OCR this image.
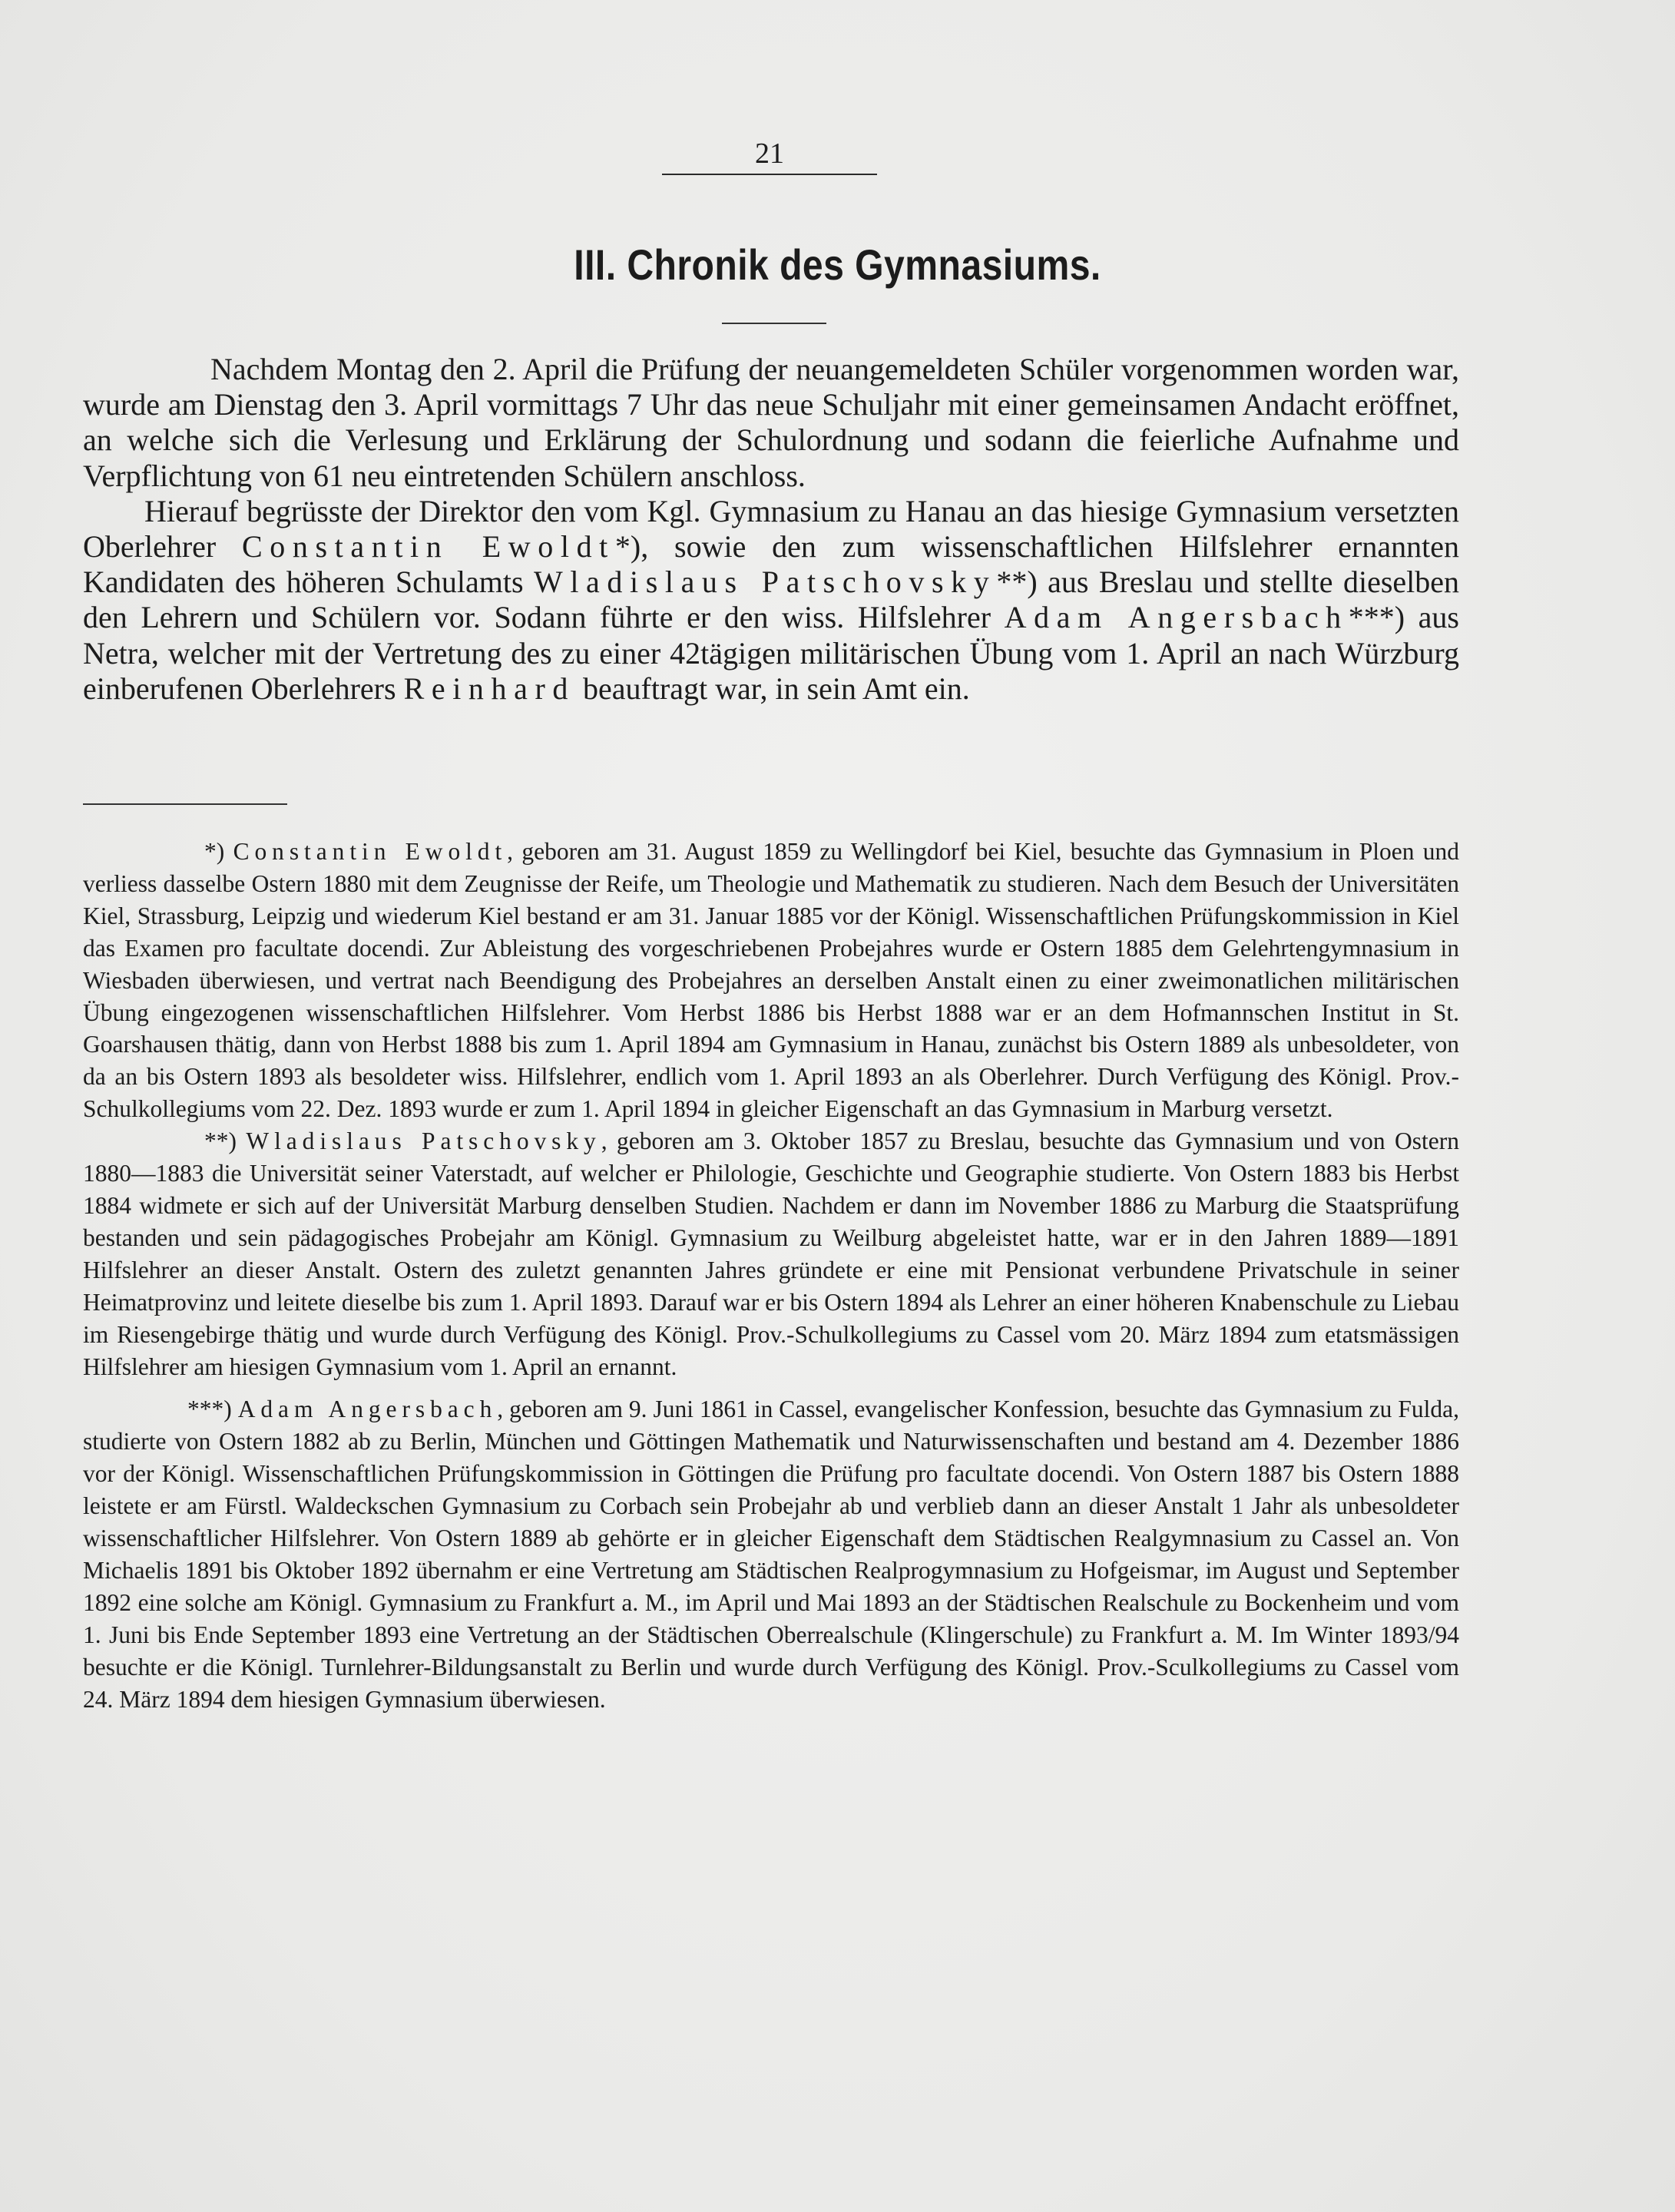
21
III. Chronik des Gymnasiums.

Nachdem Montag den 2. April die Prüfung der neuangemeldeten Schüler vorgenommen worden war, wurde am Dienstag den 3. April vormittags 7 Uhr das neue Schuljahr mit einer gemeinsamen Andacht eröffnet, an welche sich die Verlesung und Erklärung der Schulordnung und sodann die feierliche Aufnahme und Verpflichtung von 61 neu eintretenden Schülern anschloss.

Hierauf begrüsste der Direktor den vom Kgl. Gymnasium zu Hanau an das hiesige Gymnasium versetzten Oberlehrer Constantin Ewoldt*), sowie den zum wissenschaftlichen Hilfslehrer ernannten Kandidaten des höheren Schulamts Wladislaus Patschovsky**) aus Breslau und stellte dieselben den Lehrern und Schülern vor. Sodann führte er den wiss. Hilfslehrer Adam Angersbach***) aus Netra, welcher mit der Vertretung des zu einer 42tägigen militärischen Übung vom 1. April an nach Würzburg einberufenen Oberlehrers Reinhard beauftragt war, in sein Amt ein.

*) Constantin Ewoldt, geboren am 31. August 1859 zu Wellingdorf bei Kiel, besuchte das Gymnasium in Ploen und verliess dasselbe Ostern 1880 mit dem Zeugnisse der Reife, um Theologie und Mathematik zu studieren. Nach dem Besuch der Universitäten Kiel, Strassburg, Leipzig und wiederum Kiel bestand er am 31. Januar 1885 vor der Königl. Wissenschaftlichen Prüfungskommission in Kiel das Examen pro facultate docendi. Zur Ableistung des vorgeschriebenen Probejahres wurde er Ostern 1885 dem Gelehrtengymnasium in Wiesbaden überwiesen, und vertrat nach Beendigung des Probejahres an derselben Anstalt einen zu einer zweimonatlichen militärischen Übung eingezogenen wissenschaftlichen Hilfslehrer. Vom Herbst 1886 bis Herbst 1888 war er an dem Hofmannschen Institut in St. Goarshausen thätig, dann von Herbst 1888 bis zum 1. April 1894 am Gymnasium in Hanau, zunächst bis Ostern 1889 als unbesoldeter, von da an bis Ostern 1893 als besoldeter wiss. Hilfslehrer, endlich vom 1. April 1893 an als Oberlehrer. Durch Verfügung des Königl. Prov.-Schulkollegiums vom 22. Dez. 1893 wurde er zum 1. April 1894 in gleicher Eigenschaft an das Gymnasium in Marburg versetzt.

**) Wladislaus Patschovsky, geboren am 3. Oktober 1857 zu Breslau, besuchte das Gymnasium und von Ostern 1880—1883 die Universität seiner Vaterstadt, auf welcher er Philologie, Geschichte und Geographie studierte. Von Ostern 1883 bis Herbst 1884 widmete er sich auf der Universität Marburg denselben Studien. Nachdem er dann im November 1886 zu Marburg die Staatsprüfung bestanden und sein pädagogisches Probejahr am Königl. Gymnasium zu Weilburg abgeleistet hatte, war er in den Jahren 1889—1891 Hilfslehrer an dieser Anstalt. Ostern des zuletzt genannten Jahres gründete er eine mit Pensionat verbundene Privatschule in seiner Heimatprovinz und leitete dieselbe bis zum 1. April 1893. Darauf war er bis Ostern 1894 als Lehrer an einer höheren Knabenschule zu Liebau im Riesengebirge thätig und wurde durch Verfügung des Königl. Prov.-Schulkollegiums zu Cassel vom 20. März 1894 zum etatsmässigen Hilfslehrer am hiesigen Gymnasium vom 1. April an ernannt.

***) Adam Angersbach, geboren am 9. Juni 1861 in Cassel, evangelischer Konfession, besuchte das Gymnasium zu Fulda, studierte von Ostern 1882 ab zu Berlin, München und Göttingen Mathematik und Naturwissenschaften und bestand am 4. Dezember 1886 vor der Königl. Wissenschaftlichen Prüfungskommission in Göttingen die Prüfung pro facultate docendi. Von Ostern 1887 bis Ostern 1888 leistete er am Fürstl. Waldeckschen Gymnasium zu Corbach sein Probejahr ab und verblieb dann an dieser Anstalt 1 Jahr als unbesoldeter wissenschaftlicher Hilfslehrer. Von Ostern 1889 ab gehörte er in gleicher Eigenschaft dem Städtischen Realgymnasium zu Cassel an. Von Michaelis 1891 bis Oktober 1892 übernahm er eine Vertretung am Städtischen Realprogymnasium zu Hofgeismar, im August und September 1892 eine solche am Königl. Gymnasium zu Frankfurt a. M., im April und Mai 1893 an der Städtischen Realschule zu Bockenheim und vom 1. Juni bis Ende September 1893 eine Vertretung an der Städtischen Oberrealschule (Klingerschule) zu Frankfurt a. M. Im Winter 1893/94 besuchte er die Königl. Turnlehrer-Bildungsanstalt zu Berlin und wurde durch Verfügung des Königl. Prov.-Sculkollegiums zu Cassel vom 24. März 1894 dem hiesigen Gymnasium überwiesen.
